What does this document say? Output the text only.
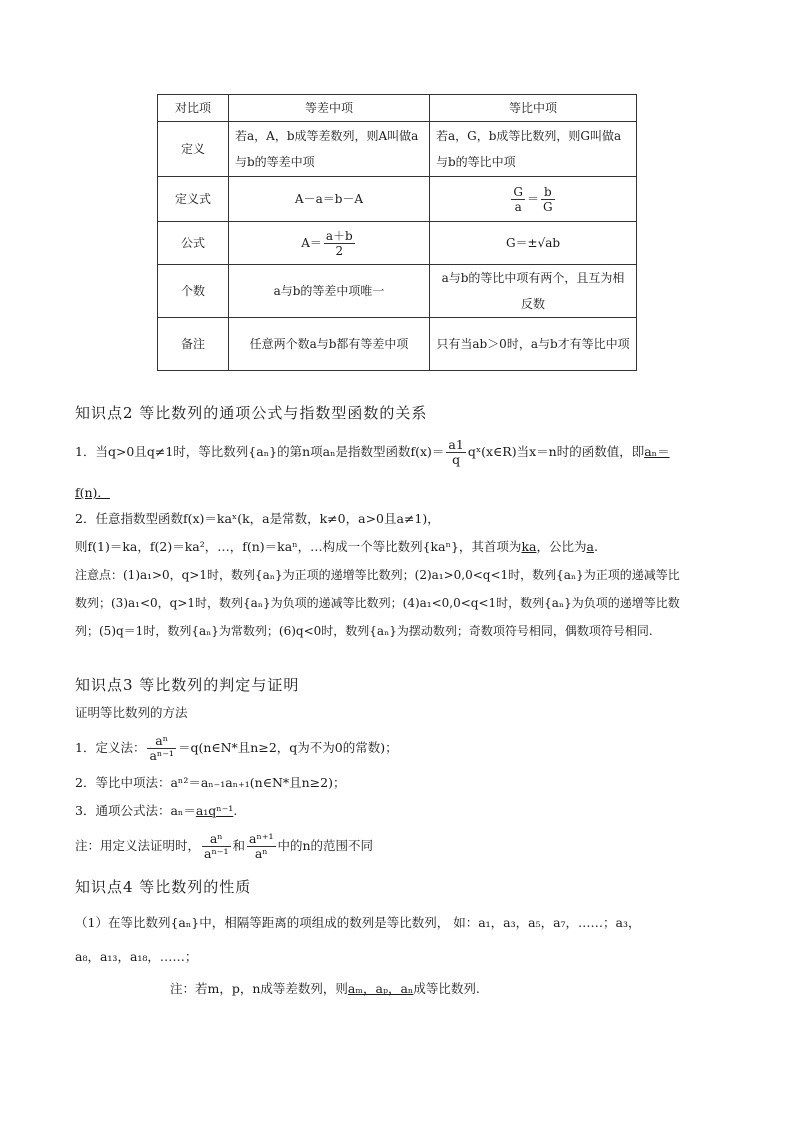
对比项	等差中项	等比中项
定义	若a，A，b成等差数列，则A叫做a与b的等差中项	若a，G，b成等比数列，则G叫做a与b的等比中项
定义式	A－a＝b－A	$\frac{G}{a} = \frac{b}{G}$

公式	$A= \frac{a+b}{2}$	G＝±√ab
个数	a与b的等差中项唯一	a与b的等比中项有两个，且互为相反数
备注	任意两个数a与b都有等差中项	只有当ab＞0时，a与b才有等比中项
知识点2 等比数列的通项公式与指数型函数的关系
1．当q>0且q≠1时，等比数列{aₙ}的第n项aₙ是指数型函数$f(x)= \frac{a1}{q}$ qˣ(x∈R)当x＝n时的函数值，即aₙ＝
f(n)．
2．任意指数型函数f(x)＝kaˣ(k，a是常数，k≠0，a>0且a≠1)，
则f(1)＝ka，f(2)＝ka²，…，f(n)＝kaⁿ，…构成一个等比数列{kaⁿ}，其首项为ka，公比为a.
注意点：(1)a₁>0，q>1时，数列{aₙ}为正项的递增等比数列；(2)a₁>0,0<q<1时，数列{aₙ}为正项的递减等比
数列；(3)a₁<0，q>1时，数列{aₙ}为负项的递减等比数列；(4)a₁<0,0<q<1时，数列{aₙ}为负项的递增等比数
列；(5)q＝1时，数列{aₙ}为常数列；(6)q<0时，数列{aₙ}为摆动数列；奇数项符号相同，偶数项符号相同.
知识点3 等比数列的判定与证明
证明等比数列的方法
1．定义法： $\frac{\text{aⁿ}}{\text{aⁿ⁻¹}}$ ＝q(n∈N*且n≥2，q为不为0的常数)；
2．等比中项法：aⁿ²＝aₙ₋₁aₙ₊₁(n∈N*且n≥2)；
3．通项公式法：aₙ＝a₁qⁿ⁻¹.
注：用定义法证明时， $\frac{\text{aⁿ}}{\text{aⁿ⁻¹}}$ 和 $\frac{\text{aⁿ⁺¹}}{\text{aⁿ}}$ 中的n的范围不同
知识点4 等比数列的性质
（1）在等比数列{aₙ}中，相隔等距离的项组成的数列是等比数列， 如：a₁，a₃，a₅，a₇，……；a₃，
a₈，a₁₃，a₁₈，……；
注：若m，p，n成等差数列，则aₘ，aₚ，aₙ成等比数列.
